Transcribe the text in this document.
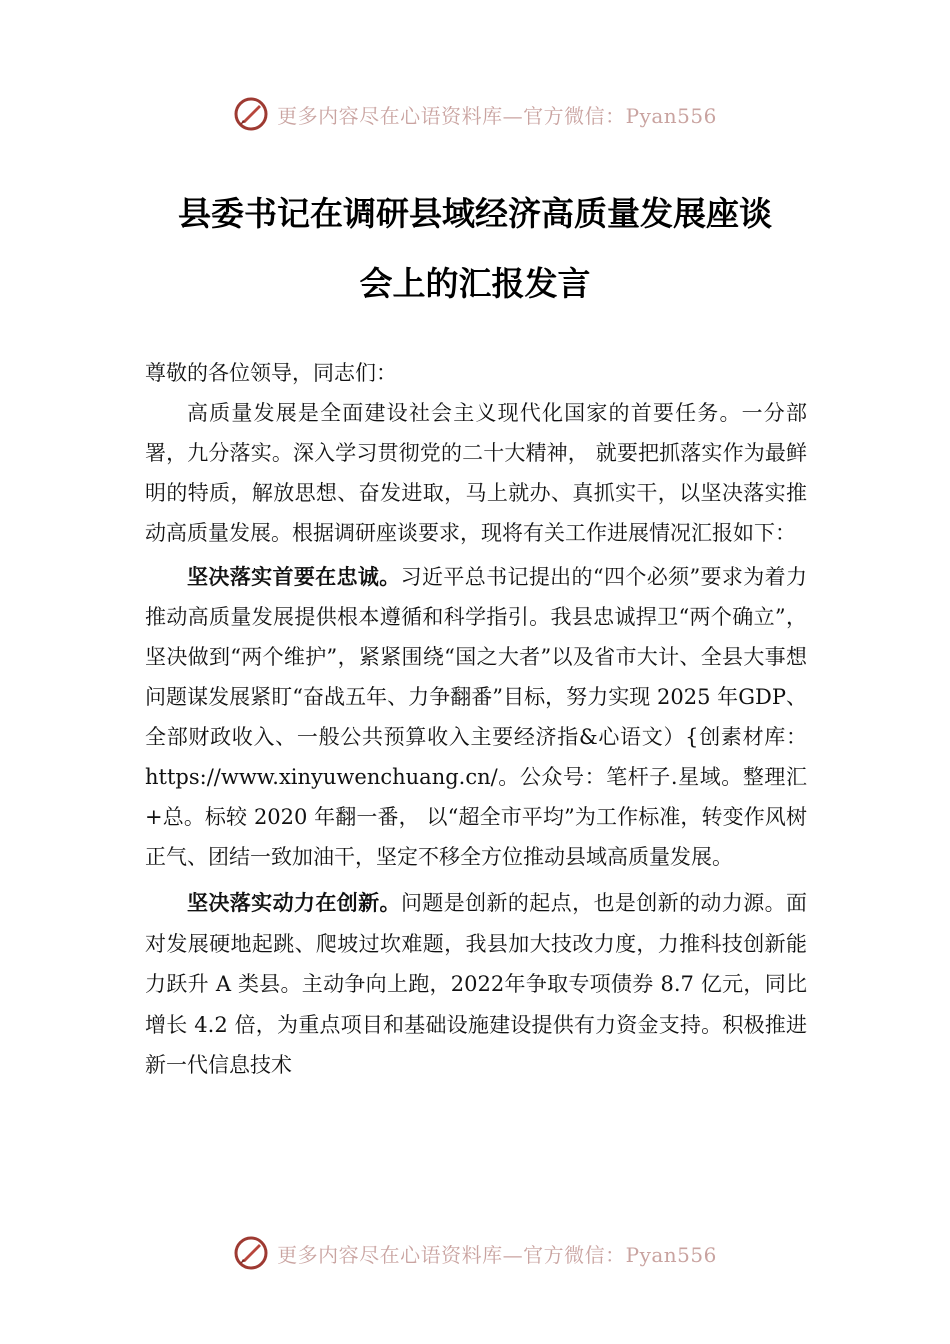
更多内容尽在心语资料库—官方微信：Pyan556
县委书记在调研县域经济高质量发展座谈
会上的汇报发言

尊敬的各位领导，同志们：

高质量发展是全面建设社会主义现代化国家的首要任务。一分部署，九分落实。深入学习贯彻党的二十大精神， 就要把抓落实作为最鲜明的特质，解放思想、奋发进取，马上就办、真抓实干，以坚决落实推动高质量发展。根据调研座谈要求，现将有关工作进展情况汇报如下：

坚决落实首要在忠诚。习近平总书记提出的“四个必须”要求为着力推动高质量发展提供根本遵循和科学指引。我县忠诚捍卫“两个确立”，坚决做到“两个维护”，紧紧围绕“国之大者”以及省市大计、全县大事想问题谋发展紧盯“奋战五年、力争翻番”目标，努力实现 2025 年GDP、全部财政收入、一般公共预算收入主要经济指&心语文）{创素材库：https://www.xinyuwenchuang.cn/。公众号：笔杆子.星域。整理汇+总。标较 2020 年翻一番， 以“超全市平均”为工作标准，转变作风树正气、团结一致加油干，坚定不移全方位推动县域高质量发展。

坚决落实动力在创新。问题是创新的起点，也是创新的动力源。面对发展硬地起跳、爬坡过坎难题，我县加大技改力度，力推科技创新能力跃升 A 类县。主动争向上跑，2022年争取专项债券 8.7 亿元，同比增长 4.2 倍，为重点项目和基础设施建设提供有力资金支持。积极推进新一代信息技术

更多内容尽在心语资料库—官方微信：Pyan556
